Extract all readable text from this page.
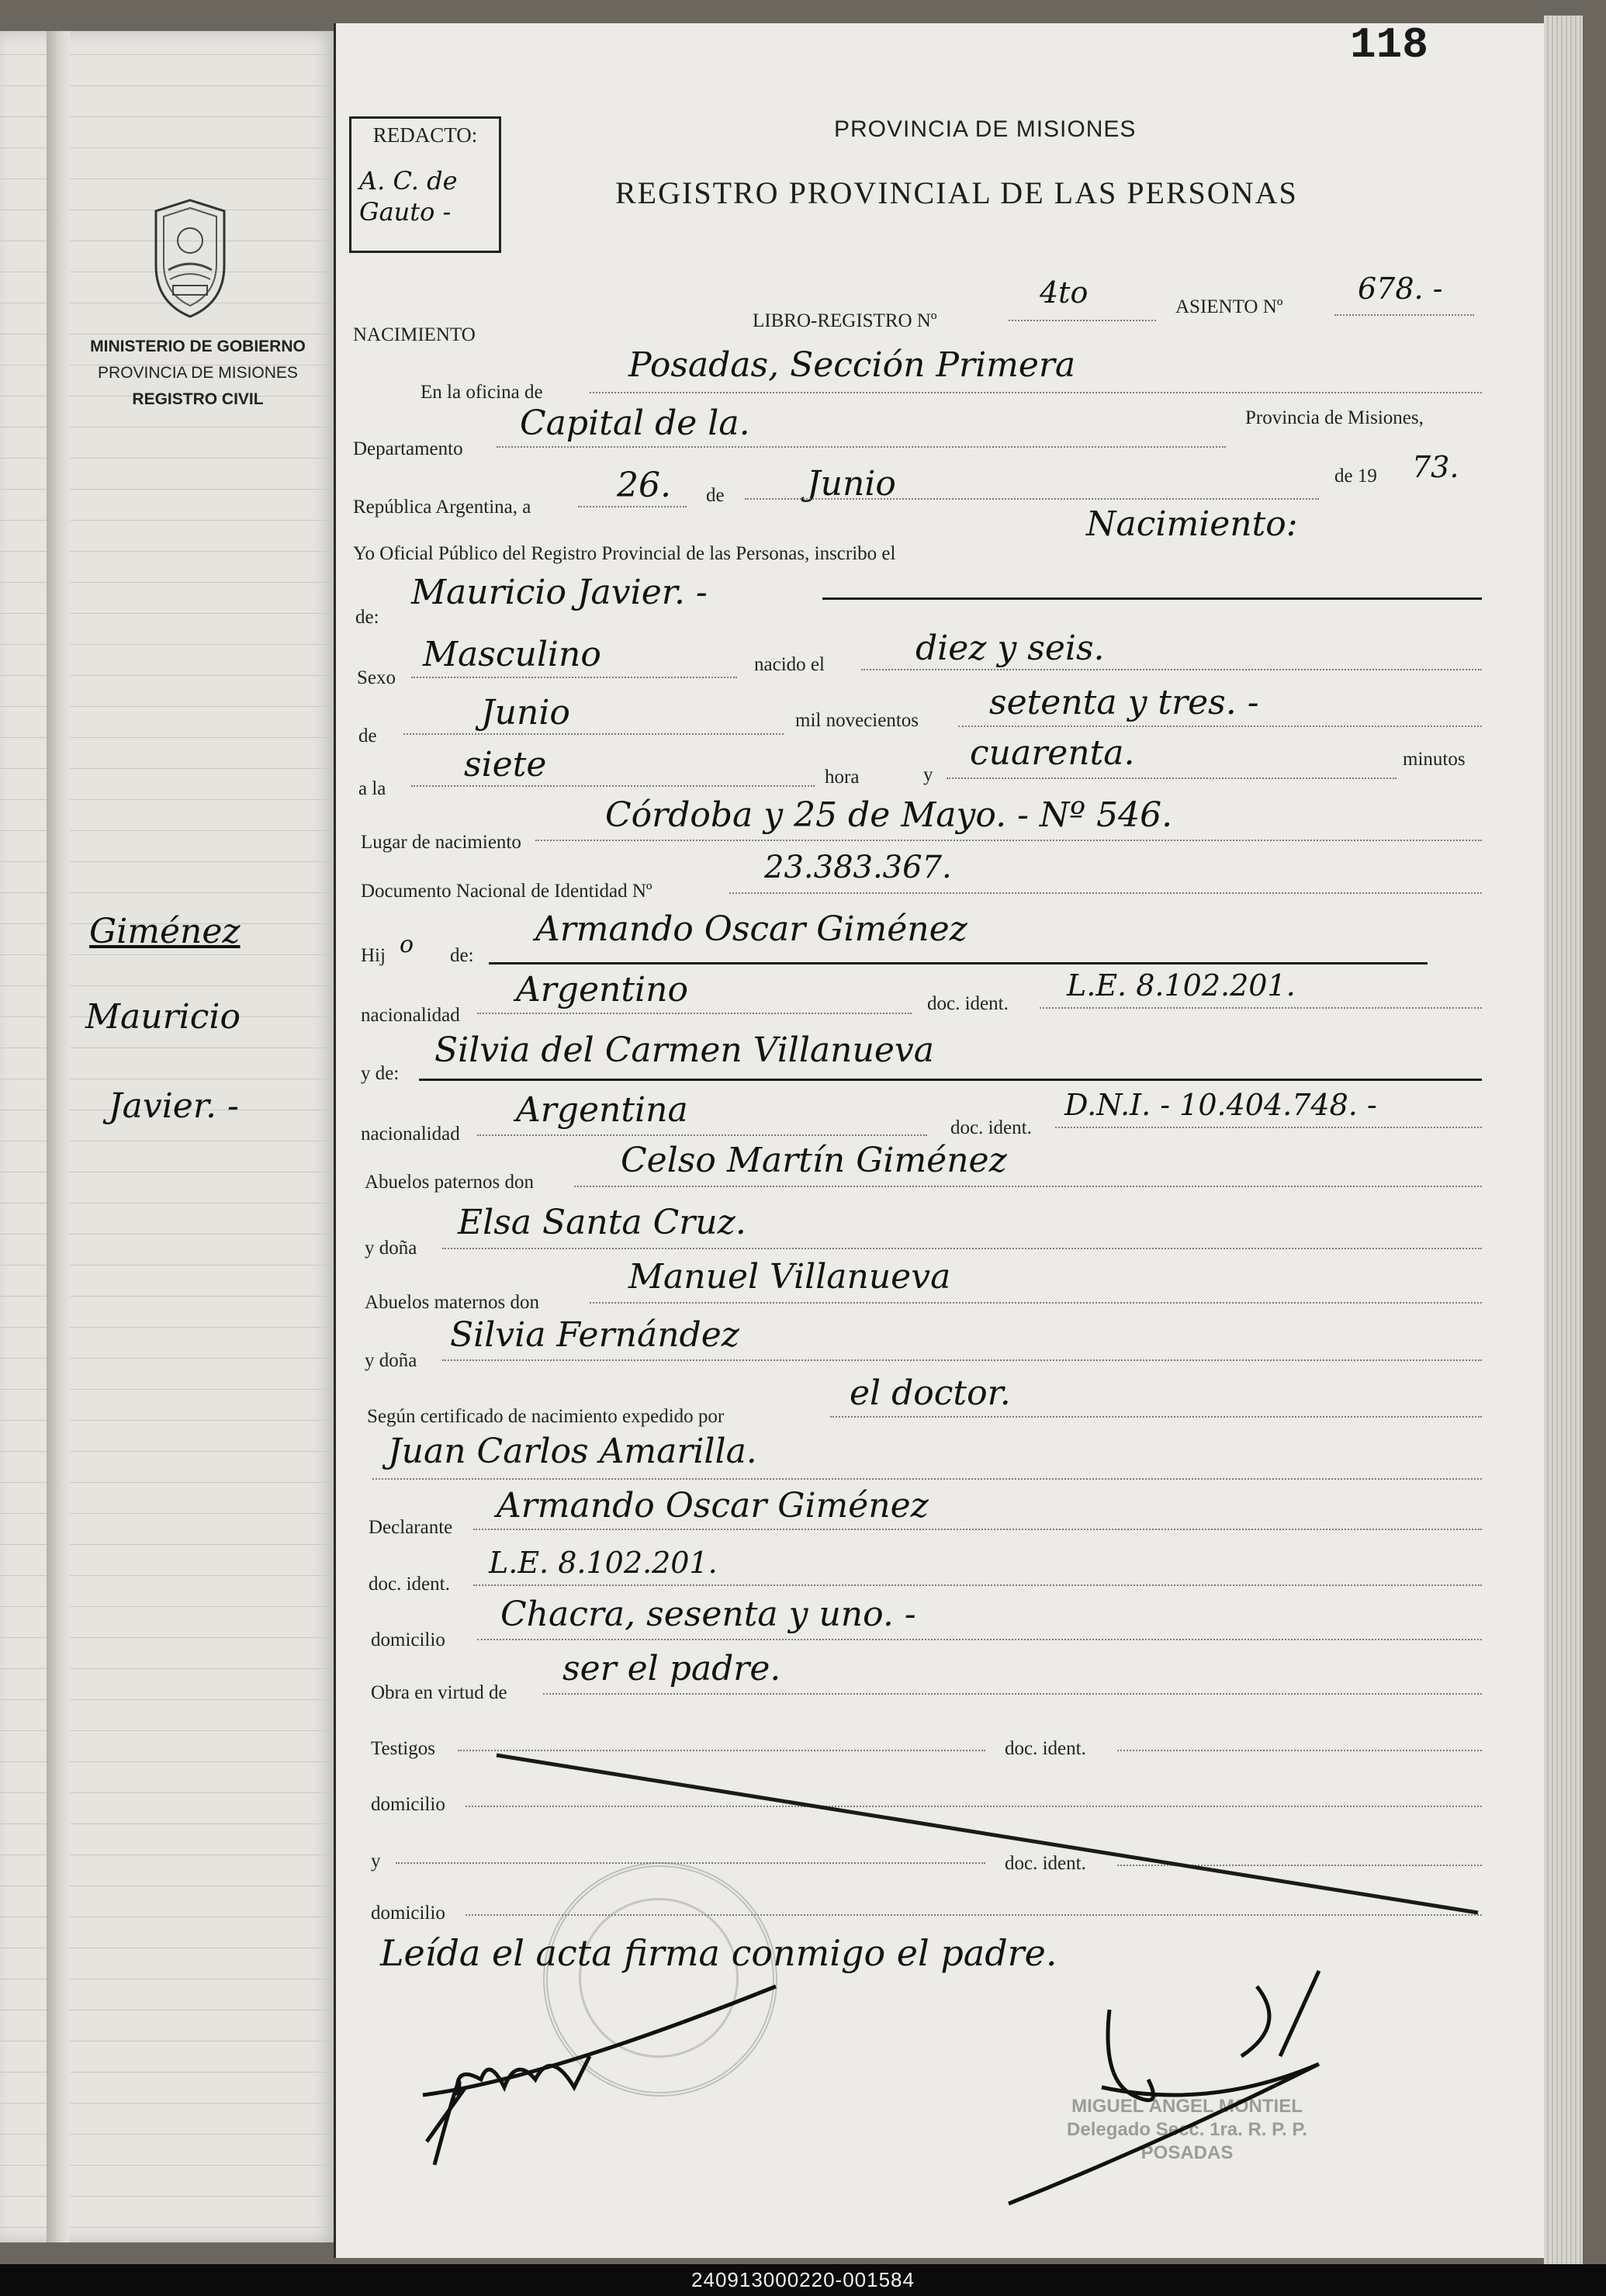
MINISTERIO DE GOBIERNO
PROVINCIA DE MISIONES
REGISTRO CIVIL
Giménez
Mauricio
Javier. -
118
REDACTO:
A. C. de Gauto -
PROVINCIA DE MISIONES
REGISTRO PROVINCIAL DE LAS PERSONAS
NACIMIENTO
LIBRO-REGISTRO Nº
4to	ASIENTO Nº
678. -
En la oficina de
Posadas, Sección Primera
Departamento
Capital de la.	Provincia de Misiones,
República Argentina, a
26. de Junio	de 19 73.
Yo Oficial Público del Registro Provincial de las Personas, inscribo el
Nacimiento:
de:
Mauricio Javier. -
Sexo
Masculino	nacido el	diez y seis.
de
Junio	mil novecientos setenta y tres. -
a la
siete	hora	y
cuarenta.	minutos
Lugar de nacimiento
Córdoba y 25 de Mayo. - Nº 546.
Documento Nacional de Identidad Nº
23.383.367.
Hij o de:
Armando Oscar Giménez
nacionalidad
Argentino	doc. ident.
L.E. 8.102.201.
y de:
Silvia del Carmen Villanueva
nacionalidad
Argentina	doc. ident.
D.N.I. - 10.404.748. -
Abuelos paternos don
Celso Martín Giménez
y doña
Elsa Santa Cruz.
Abuelos maternos don
Manuel Villanueva
y doña
Silvia Fernández
Según certificado de nacimiento expedido por
el doctor.
Juan Carlos Amarilla.
Declarante
Armando Oscar Giménez
doc. ident.
L.E. 8.102.201.
domicilio
Chacra, sesenta y uno. -
Obra en virtud de
ser el padre.
Testigos	doc. ident.
domicilio
y	doc. ident.
domicilio
Leída el acta firma conmigo el padre.
MIGUEL ÁNGEL MONTIEL
Delegado Secc. 1ra. R. P. P.
POSADAS
240913000220-001584
